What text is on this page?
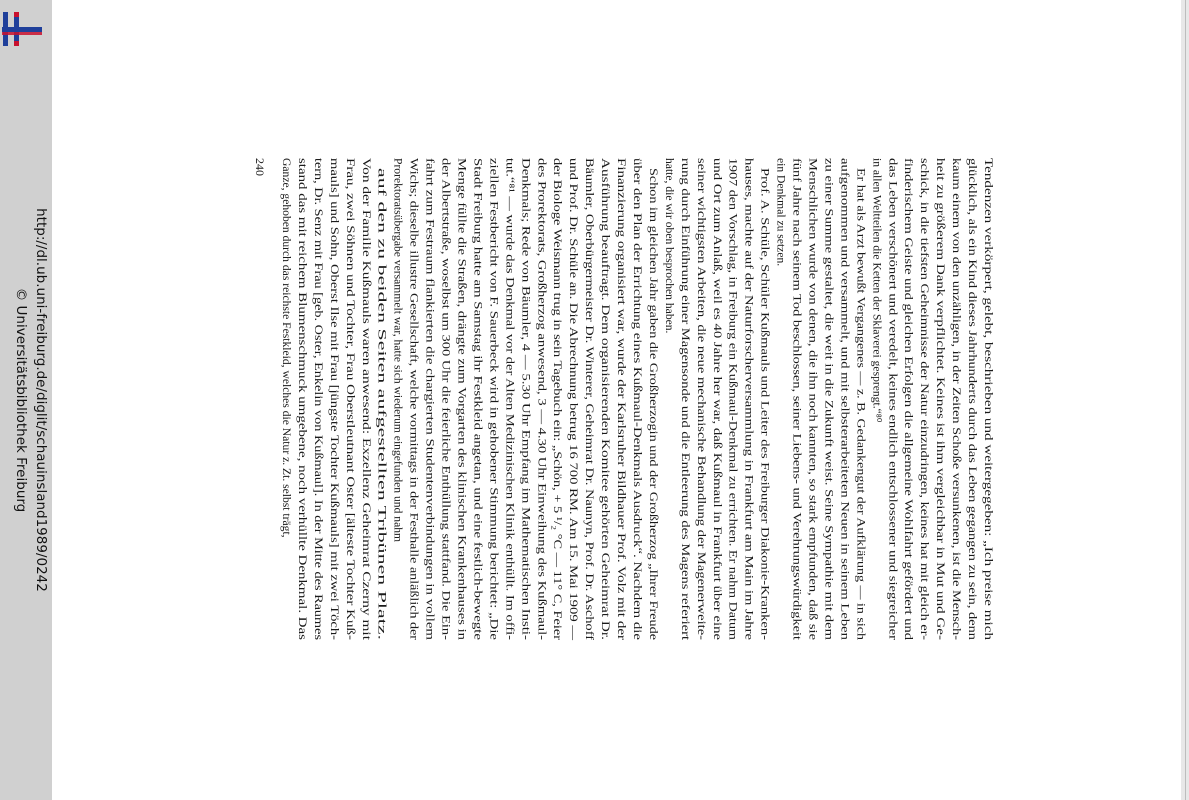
http://dl.ub.uni-freiburg.de/diglit/schauinsland1989/0242
© Universitätsbibliothek Freiburg	Tendenzen verkörpert, gelebt, beschrieben und weitergegeben: „Ich preise mich
glücklich, als ein Kind dieses Jahrhunderts durch das Leben gegangen zu sein, denn
kaum einem von den unzähligen, in der Zeiten Schoße versunkenen, ist die Mensch-
heit zu größerem Dank verpflichtet. Keines ist ihm vergleichbar in Mut und Ge-
schick, in die tiefsten Geheimnisse der Natur einzudringen, keines hat mit gleich er-
finderischem Geiste und gleichen Erfolgen die allgemeine Wohlfahrt gefördert und
das Leben verschönert und veredelt, keines endlich entschlossener und siegreicher
in allen Weltteilen die Ketten der Sklaverei gesprengt.“⁸⁰
Er hat als Arzt bewußt Vergangenes — z. B. Gedankengut der Aufklärung — in sich
aufgenommen und versammelt, und mit selbsterarbeiteten Neuen in seinem Leben
zu einer Summe gestaltet, die weit in die Zukunft weist. Seine Sympathie mit dem
Menschlichen wurde von denen, die ihn noch kannten, so stark empfunden, daß sie
fünf Jahre nach seinem Tod beschlossen, seiner Liebens- und Verehrungswürdigkeit
ein Denkmal zu setzen.
Prof. A. Schüle, Schüler Kußmauls und Leiter des Freiburger Diakonie-Kranken-
hauses, machte auf der Naturforscherversammlung in Frankfurt am Main im Jahre
1907 den Vorschlag, in Freiburg ein Kußmaul-Denkmal zu errichten. Er nahm Datum
und Ort zum Anlaß, weil es 40 Jahre her war, daß Kußmaul in Frankfurt über eine
seiner wichtigsten Arbeiten, die neue mechanische Behandlung der Magenerweite-
rung durch Einführung einer Magensonde und die Entleerung des Magens referiert
hatte, die wir oben besprochen haben.
Schon im gleichen Jahr gaben die Großherzogin und der Großherzog „Ihrer Freude
über den Plan der Errichtung eines Kußmaul-Denkmals Ausdruck“. Nachdem die
Finanzierung organisiert war, wurde der Karlsruher Bildhauer Prof. Volz mit der
Ausführung beauftragt. Dem organisierenden Komitee gehörten Geheimrat Dr.
Bäumler, Oberbürgermeister Dr. Winterer, Geheimrat Dr. Naunyn, Prof. Dr. Aschoff
und Prof. Dr. Schüle an. Die Abrechnung betrug 16 700 RM. Am 15. Mai 1909 —
der Biologe Weismann trug in sein Tagebuch ein: „Schön, + 5 ¹/₂ °C — 11° C, Feier
des Prorektorats, Großherzog anwesend, 3 — 4.30 Uhr Einweihung des Kußmaul-
Denkmals; Rede von Bäumler, 4 — 5.30 Uhr Empfang im Mathematischen Insti-
tut.“⁸¹ — wurde das Denkmal vor der Alten Medizinischen Klinik enthüllt. Im offi-
ziellen Festbericht von F. Sauerbeck wird in gehobener Stimmung berichtet: „Die
Stadt Freiburg hatte am Samstag ihr Festkleid angetan, und eine festlich-bewegte
Menge füllte die Straßen, drängte zum Vorgarten des klinischen Krankenhauses in
der Albertstraße, woselbst um 300 Uhr die feierliche Enthüllung stattfand. Die Ein-
fahrt zum Festraum flankierten die chargierten Studentenverbindungen in vollem
Wichs; dieselbe illustre Gesellschaft, welche vormittags in der Festhalle anläßlich der
Prorektoratsübergabe versammelt war, hatte sich wiederum eingefunden und nahm
auf den zu beiden Seiten aufgestellten Tribünen Platz.
Von der Familie Kußmauls waren anwesend: Exzellenz Geheimrat Czerny mit
Frau, zwei Söhnen und Tochter, Frau Oberstleutnant Oster [älteste Tochter Kuß-
mauls] und Sohn, Oberst Ilse mit Frau [jüngste Tochter Kußmauls] mit zwei Töch-
tern, Dr. Senz mit Frau [geb. Oster, Enkelin von Kußmaul]. In der Mitte des Raumes
stand das mit reichem Blumenschmuck umgebene, noch verhüllte Denkmal. Das
Ganze, gehoben durch das reichste Festkleid, welches die Natur z. Zt. selbst trägt,
240
